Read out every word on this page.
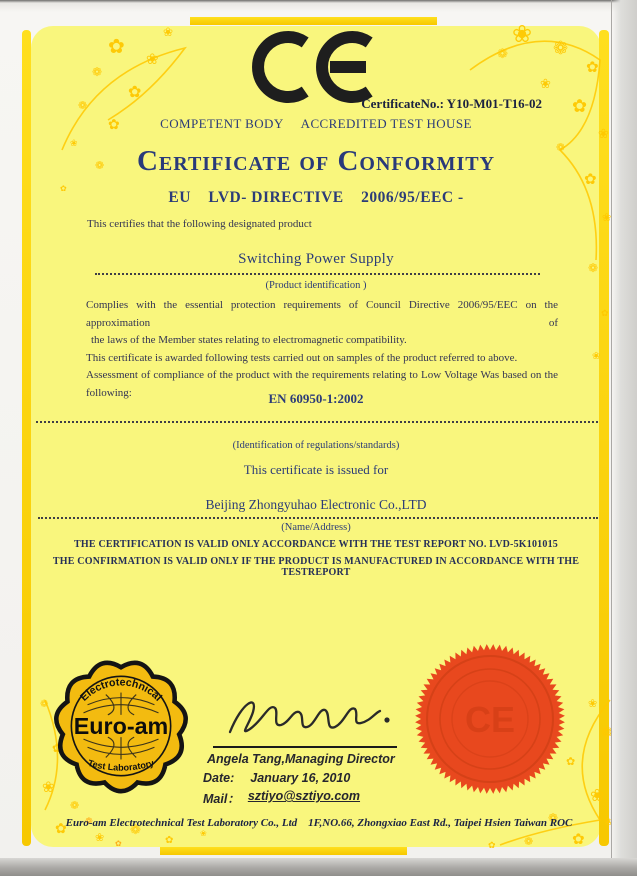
✿
❀
❁
✿
❀
❁
✿
❀
❁
✿
❀
❁
✿
❀
❁
✿
❀
❁
✿
❀
❁
✿
❀
❁
✿
❀
❁
✿
❀
❁
✿
❀
❁
✿
❀
❁
✿
❀
❁
✿
❀
❁
✿
CertificateNo.: Y10-M01-T16-02
COMPETENT BODY     ACCREDITED TEST HOUSE
Certificate of Conformity
EU    LVD- DIRECTIVE    2006/95/EEC -
This certifies that the following designated product
Switching Power Supply
(Product identification )
Complies with the essential protection requirements of Council Directive 2006/95/EEC on the approximation of
the laws of the Member states relating to electromagnetic compatibility.
This certificate is awarded following tests carried out on samples of the product referred to above.
Assessment of compliance of the product with the requirements relating to Low Voltage Was based on the
following:	EN 60950-1:2002
(Identification of regulations/standards)
This certificate is issued for
Beijing Zhongyuhao Electronic Co.,LTD
(Name/Address)
THE CERTIFICATION IS VALID ONLY ACCORDANCE WITH THE TEST REPORT NO. LVD-5K101015
THE CONFIRMATION IS VALID ONLY IF THE PRODUCT IS MANUFACTURED IN ACCORDANCE WITH THE TESTREPORT
Electrotechnical
Euro-am
Test Laboratory
CE
Angela Tang,Managing Director
Date: January 16, 2010
Mail： sztiyo@sztiyo.com
Euro-am Electrotechnical Test Laboratory Co., Ltd    1F,NO.66, Zhongxiao East Rd., Taipei Hsien Taiwan ROC
